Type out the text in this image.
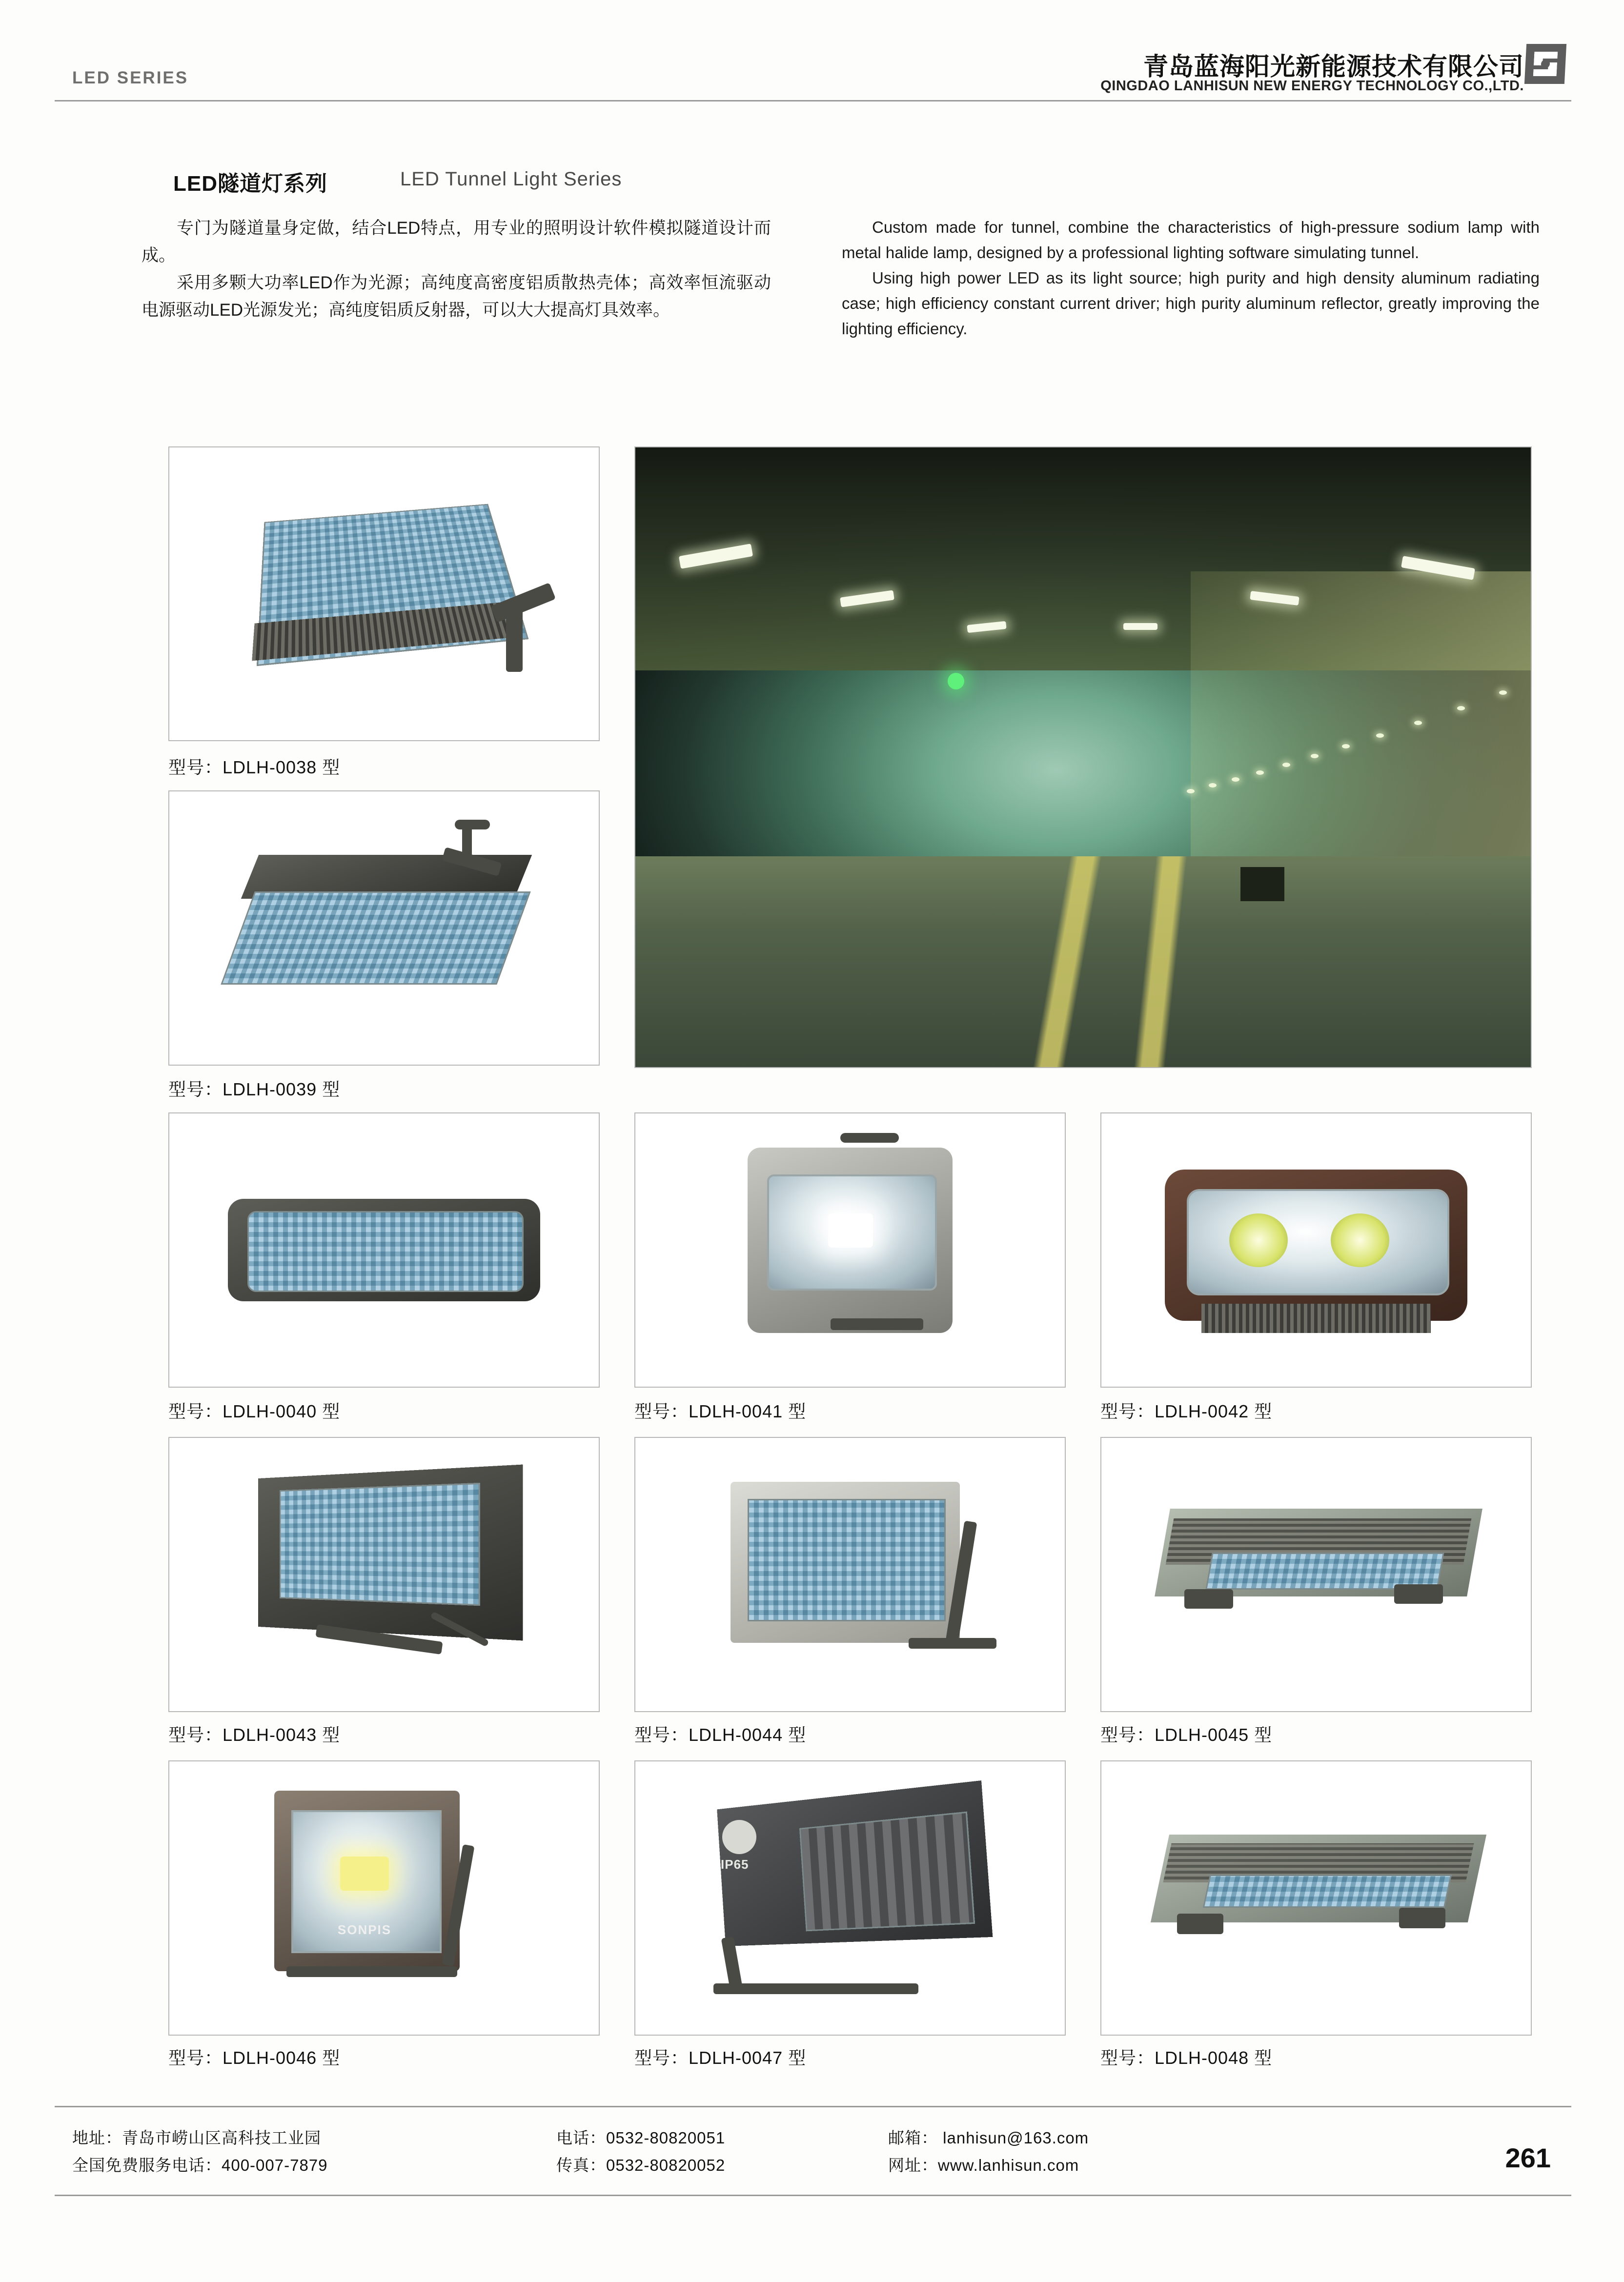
LED SERIES	青岛蓝海阳光新能源技术有限公司
QINGDAO LANHISUN NEW ENERGY TECHNOLOGY CO.,LTD.
LED隧道灯系列	LED Tunnel Light Series

专门为隧道量身定做，结合LED特点，用专业的照明设计软件模拟隧道设计而成。

采用多颗大功率LED作为光源；高纯度高密度铝质散热壳体；高效率恒流驱动电源驱动LED光源发光；高纯度铝质反射器，可以大大提高灯具效率。

Custom made for tunnel, combine the characteristics of high-pressure sodium lamp with metal halide lamp, designed by a professional lighting software simulating tunnel.

Using high power LED as its light source; high purity and high density aluminum radiating case; high efficiency constant current driver; high purity aluminum reflector, greatly improving the lighting efficiency.

型号：LDLH-0038 型
型号：LDLH-0039 型
型号：LDLH-0040 型	型号：LDLH-0041 型	型号：LDLH-0042 型
型号：LDLH-0043 型	型号：LDLH-0044 型	型号：LDLH-0045 型
SONPIS
型号：LDLH-0046 型
IP65
型号：LDLH-0047 型	型号：LDLH-0048 型
地址：青岛市崂山区高科技工业园
全国免费服务电话：400-007-7879
电话：0532-80820051
传真：0532-80820052
邮箱： lanhisun@163.com
网址：www.lanhisun.com	261
